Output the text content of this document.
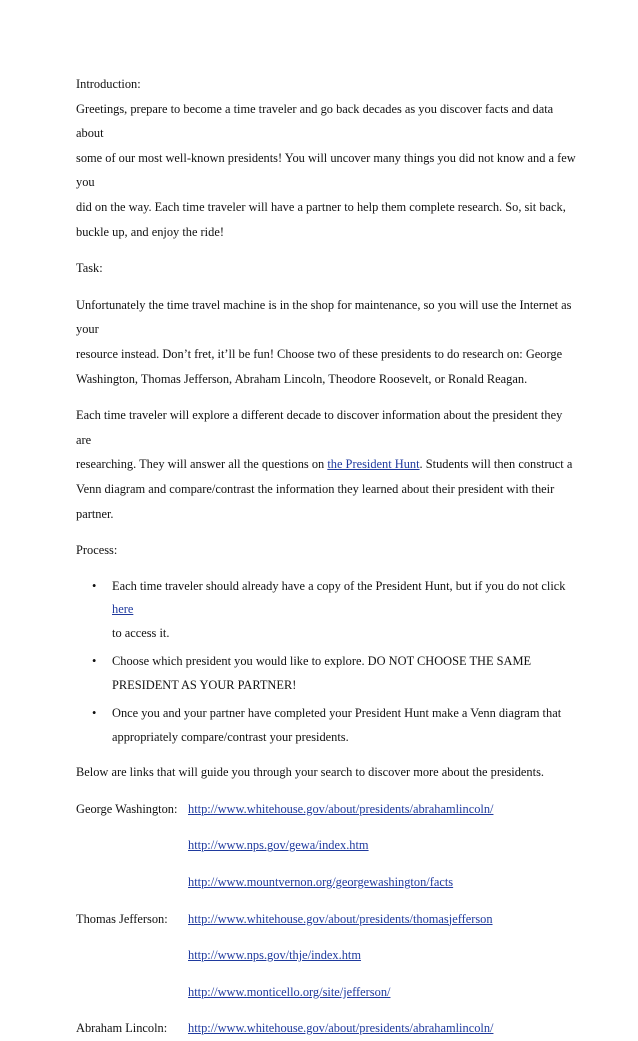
Introduction:

Greetings, prepare to become a time traveler and go back decades as you discover facts and data about

some of our most well-known presidents! You will uncover many things you did not know and a few you

did on the way. Each time traveler will have a partner to help them complete research. So, sit back,

buckle up, and enjoy the ride!

Task:

Unfortunately the time travel machine is in the shop for maintenance, so you will use the Internet as your

resource instead. Don’t fret, it’ll be fun! Choose two of these presidents to do research on: George

Washington, Thomas Jefferson, Abraham Lincoln, Theodore Roosevelt, or Ronald Reagan.

Each time traveler will explore a different decade to discover information about the president they are

researching. They will answer all the questions on the President Hunt. Students will then construct a

Venn diagram and compare/contrast the information they learned about their president with their partner.

Process:

• Each time traveler should already have a copy of the President Hunt, but if you do not click here
to access it.
• Choose which president you would like to explore. DO NOT CHOOSE THE SAME
PRESIDENT AS YOUR PARTNER!
• Once you and your partner have completed your President Hunt make a Venn diagram that
appropriately compare/contrast your presidents.

Below are links that will guide you through your search to discover more about the presidents.

George Washington: http://www.whitehouse.gov/about/presidents/abrahamlincoln/
http://www.nps.gov/gewa/index.htm
http://www.mountvernon.org/georgewashington/facts
Thomas Jefferson:	http://www.whitehouse.gov/about/presidents/thomasjefferson
http://www.nps.gov/thje/index.htm
http://www.monticello.org/site/jefferson/
Abraham Lincoln:	http://www.whitehouse.gov/about/presidents/abrahamlincoln/
